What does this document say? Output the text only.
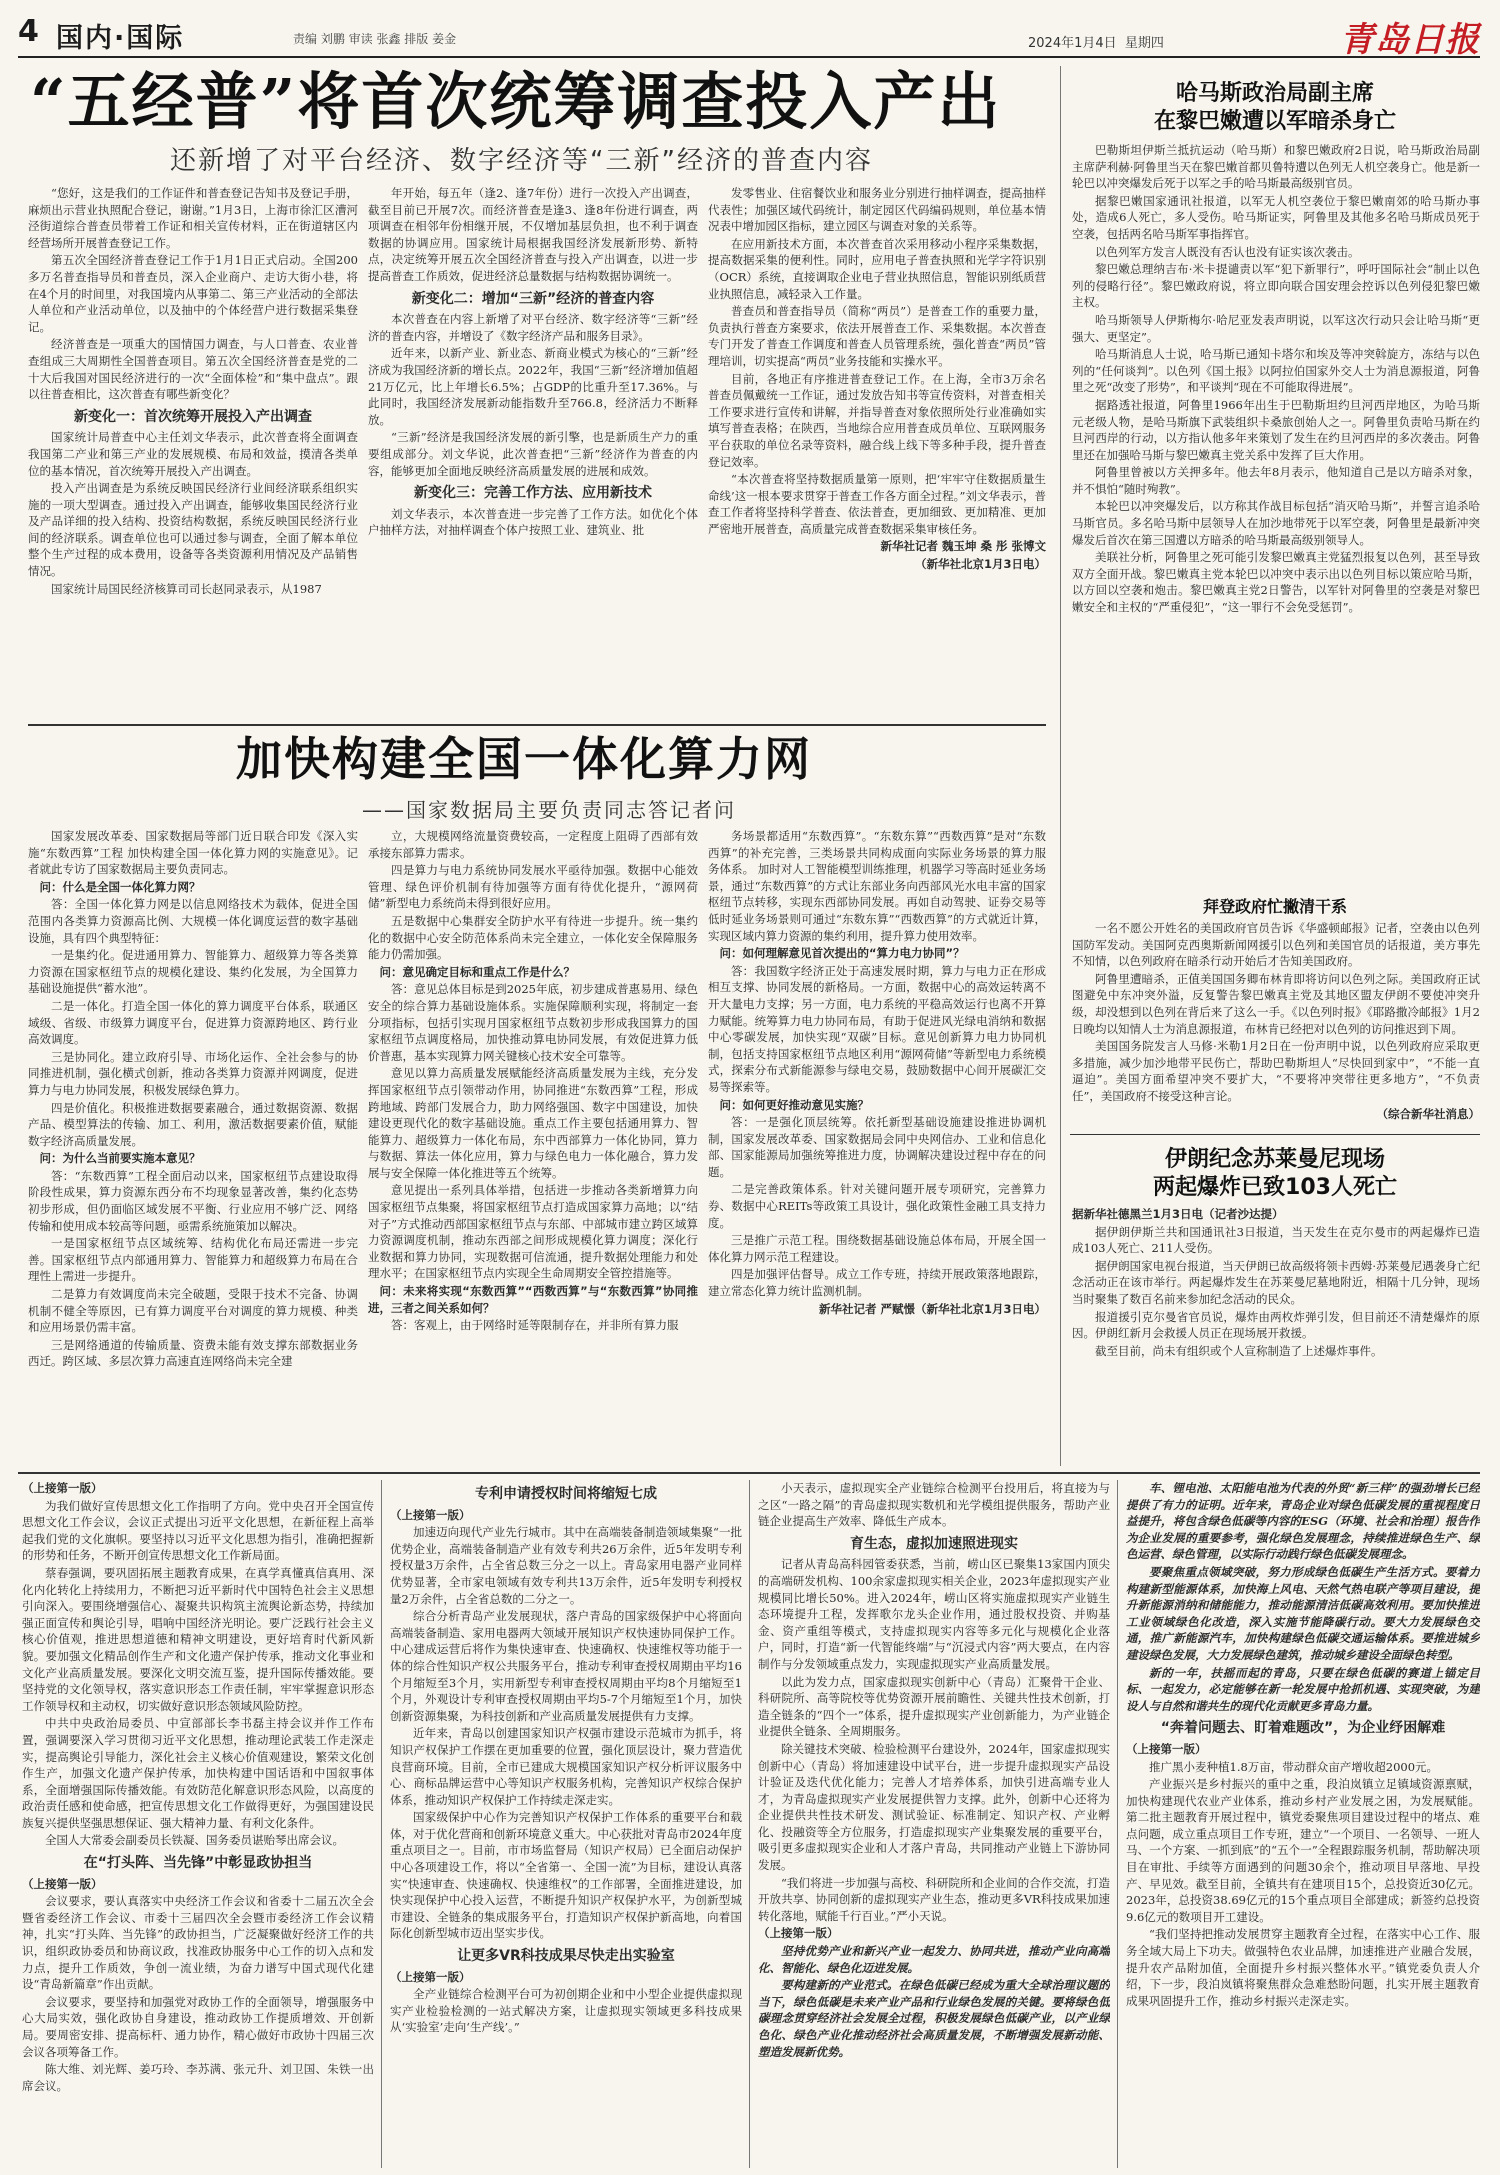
4 国内·国际	责编 刘鹏 审读 张鑫 排版 姜金	2024年1月4日 星期四	青岛日报
“五经普”将首次统筹调查投入产出
还新增了对平台经济、数字经济等“三新”经济的普查内容

“您好，这是我们的工作证件和普查登记告知书及登记手册，麻烦出示营业执照配合登记，谢谢。”1月3日，上海市徐汇区漕河泾街道综合普查员带着工作证和相关宣传材料，正在街道辖区内经营场所开展普查登记工作。

第五次全国经济普查登记工作于1月1日正式启动。全国200多万名普查指导员和普查员，深入企业商户、走访大街小巷，将在4个月的时间里，对我国境内从事第二、第三产业活动的全部法人单位和产业活动单位，以及抽中的个体经营户进行数据采集登记。

经济普查是一项重大的国情国力调查，与人口普查、农业普查组成三大周期性全国普查项目。第五次全国经济普查是党的二十大后我国对国民经济进行的一次“全面体检”和“集中盘点”。跟以往普查相比，这次普查有哪些新变化？

新变化一：首次统筹开展投入产出调查

国家统计局普查中心主任刘文华表示，此次普查将全面调查我国第二产业和第三产业的发展规模、布局和效益，摸清各类单位的基本情况，首次统筹开展投入产出调查。

投入产出调查是为系统反映国民经济行业间经济联系组织实施的一项大型调查。通过投入产出调查，能够收集国民经济行业及产品详细的投入结构、投资结构数据，系统反映国民经济行业间的经济联系。调查单位也可以通过参与调查，全面了解本单位整个生产过程的成本费用，设备等各类资源利用情况及产品销售情况。

国家统计局国民经济核算司司长赵同录表示，从1987

年开始，每五年（逢2、逢7年份）进行一次投入产出调查，截至目前已开展7次。而经济普查是逢3、逢8年份进行调查，两项调查在相邻年份相继开展，不仅增加基层负担，也不利于调查数据的协调应用。国家统计局根据我国经济发展新形势、新特点，决定统筹开展五次全国经济普查与投入产出调查，以进一步提高普查工作质效，促进经济总量数据与结构数据协调统一。

新变化二：增加“三新”经济的普查内容

本次普查在内容上新增了对平台经济、数字经济等“三新”经济的普查内容，并增设了《数字经济产品和服务目录》。

近年来，以新产业、新业态、新商业模式为核心的“三新”经济成为我国经济新的增长点。2022年，我国“三新”经济增加值超21万亿元，比上年增长6.5%；占GDP的比重升至17.36%。与此同时，我国经济发展新动能指数升至766.8，经济活力不断释放。

“三新”经济是我国经济发展的新引擎，也是新质生产力的重要组成部分。刘文华说，此次普查把“三新”经济作为普查的内容，能够更加全面地反映经济高质量发展的进展和成效。

新变化三：完善工作方法、应用新技术

刘文华表示，本次普查进一步完善了工作方法。如优化个体户抽样方法，对抽样调查个体户按照工业、建筑业、批

发零售业、住宿餐饮业和服务业分别进行抽样调查，提高抽样代表性；加强区域代码统计，制定园区代码编码规则，单位基本情况表中增加园区指标，建立园区与调查对象的关系等。

在应用新技术方面，本次普查首次采用移动小程序采集数据，提高数据采集的便利性。同时，应用电子普查执照和光学字符识别（OCR）系统，直接调取企业电子营业执照信息，智能识别纸质营业执照信息，减轻录入工作量。

普查员和普查指导员（简称“两员”）是普查工作的重要力量，负责执行普查方案要求，依法开展普查工作、采集数据。本次普查专门开发了普查工作调度和普查人员管理系统，强化普查“两员”管理培训，切实提高“两员”业务技能和实操水平。

目前，各地正有序推进普查登记工作。在上海，全市3万余名普查员佩戴统一工作证，通过发放告知书等宣传资料，对普查相关工作要求进行宣传和讲解，并指导普查对象依照所处行业准确如实填写普查表格；在陕西，当地综合应用普查成员单位、互联网服务平台获取的单位名录等资料，融合线上线下等多种手段，提升普查登记效率。

“本次普查将坚持数据质量第一原则，把‘牢牢守住数据质量生命线’这一根本要求贯穿于普查工作各方面全过程。”刘文华表示，普查工作者将坚持科学普查、依法普查，更加细致、更加精准、更加严密地开展普查，高质量完成普查数据采集审核任务。

新华社记者 魏玉坤 桑 彤 张博文

（新华社北京1月3日电）

加快构建全国一体化算力网
——国家数据局主要负责同志答记者问

国家发展改革委、国家数据局等部门近日联合印发《深入实施“东数西算”工程 加快构建全国一体化算力网的实施意见》。记者就此专访了国家数据局主要负责同志。

问：什么是全国一体化算力网？

答：全国一体化算力网是以信息网络技术为载体，促进全国范围内各类算力资源高比例、大规模一体化调度运营的数字基础设施，具有四个典型特征：

一是集约化。促进通用算力、智能算力、超级算力等各类算力资源在国家枢纽节点的规模化建设、集约化发展，为全国算力基础设施提供“蓄水池”。

二是一体化。打造全国一体化的算力调度平台体系，联通区域级、省级、市级算力调度平台，促进算力资源跨地区、跨行业高效调度。

三是协同化。建立政府引导、市场化运作、全社会参与的协同推进机制，强化横式创新，推动各类算力资源并网调度，促进算力与电力协同发展，积极发展绿色算力。

四是价值化。积极推进数据要素融合，通过数据资源、数据产品、模型算法的传输、加工、利用，激活数据要素价值，赋能数字经济高质量发展。

问：为什么当前要实施本意见？

答：“东数西算”工程全面启动以来，国家枢纽节点建设取得阶段性成果，算力资源东西分布不均现象显著改善，集约化态势初步形成，但仍面临区域发展不平衡、行业应用不够广泛、网络传输和使用成本较高等问题，亟需系统施策加以解决。

一是国家枢纽节点区域统筹、结构优化布局还需进一步完善。国家枢纽节点内部通用算力、智能算力和超级算力布局在合理性上需进一步提升。

二是算力有效调度尚未完全破题，受限于技术不完备、协调机制不健全等原因，已有算力调度平台对调度的算力规模、种类和应用场景仍需丰富。

三是网络通道的传输质量、资费未能有效支撑东部数据业务西迁。跨区域、多层次算力高速直连网络尚未完全建

立，大规模网络流量资费较高，一定程度上阻碍了西部有效承接东部算力需求。

四是算力与电力系统协同发展水平亟待加强。数据中心能效管理、绿色评价机制有待加强等方面有待优化提升，“源网荷储”新型电力系统尚未得到很好应用。

五是数据中心集群安全防护水平有待进一步提升。统一集约化的数据中心安全防范体系尚未完全建立，一体化安全保障服务能力仍需加强。

问：意见确定目标和重点工作是什么？

答：意见总体目标是到2025年底，初步建成普惠易用、绿色安全的综合算力基础设施体系。实施保障顺利实现，将制定一套分项指标，包括引实现月国家枢纽节点数初步形成我国算力的国家枢纽节点调度格局，加快推动算电协同发展，有效促进算力低价普惠，基本实现算力网关键核心技术安全可靠等。

意见以算力高质量发展赋能经济高质量发展为主线，充分发挥国家枢纽节点引领带动作用，协同推进“东数西算”工程，形成跨地域、跨部门发展合力，助力网络强国、数字中国建设，加快建设更现代化的数字基础设施。重点工作主要包括通用算力、智能算力、超级算力一体化布局，东中西部算力一体化协同，算力与数据、算法一体化应用，算力与绿色电力一体化融合，算力发展与安全保障一体化推进等五个统筹。

意见提出一系列具体举措，包括进一步推动各类新增算力向国家枢纽节点集聚，将国家枢纽节点打造成国家算力高地；以“结对子”方式推动西部国家枢纽节点与东部、中部城市建立跨区域算力资源调度机制，推动东西部之间形成规模化算力调度；深化行业数据和算力协同，实现数据可信流通，提升数据处理能力和处理水平；在国家枢纽节点内实现全生命周期安全管控措施等。

问：未来将实现“东数西算”“西数西算”与“东数西算”协同推进，三者之间关系如何？

答：客观上，由于网络时延等限制存在，并非所有算力服

务场景都适用“东数西算”。“东数东算”“西数西算”是对“东数西算”的补充完善，三类场景共同构成面向实际业务场景的算力服务体系。 加时对人工智能模型训练推理，机器学习等高时延业务场景，通过“东数西算”的方式让东部业务向西部风光水电丰富的国家枢纽节点转移，实现东西部协同发展。再如自动驾驶、证券交易等低时延业务场景则可通过“东数东算”“西数西算”的方式就近计算，实现区域内算力资源的集约利用，提升算力使用效率。

问：如何理解意见首次提出的“算力电力协同”？

答：我国数字经济正处于高速发展时期，算力与电力正在形成相互支撑、协同发展的新格局。一方面，数据中心的高效运转离不开大量电力支撑；另一方面，电力系统的平稳高效运行也离不开算力赋能。统筹算力电力协同布局，有助于促进风光绿电消纳和数据中心零碳发展，加快实现“双碳”目标。意见创新算力电力协同机制，包括支持国家枢纽节点地区利用“源网荷储”等新型电力系统模式，探索分布式新能源参与绿电交易，鼓励数据中心间开展碳汇交易等探索等。

问：如何更好推动意见实施？

答：一是强化顶层统筹。依托新型基础设施建设推进协调机制，国家发展改革委、国家数据局会同中央网信办、工业和信息化部、国家能源局加强统筹推进力度，协调解决建设过程中存在的问题。

二是完善政策体系。针对关键问题开展专项研究，完善算力券、数据中心REITs等政策工具设计，强化政策性金融工具支持力度。

三是推广示范工程。围绕数据基础设施总体布局，开展全国一体化算力网示范工程建设。

四是加强评估督导。成立工作专班，持续开展政策落地跟踪，建立常态化算力统计监测机制。

新华社记者 严赋憬（新华社北京1月3日电）

哈马斯政治局副主席
在黎巴嫩遭以军暗杀身亡

巴勒斯坦伊斯兰抵抗运动（哈马斯）和黎巴嫩政府2日说，哈马斯政治局副主席萨利赫·阿鲁里当天在黎巴嫩首都贝鲁特遭以色列无人机空袭身亡。他是新一轮巴以冲突爆发后死于以军之手的哈马斯最高级别官员。

据黎巴嫩国家通讯社报道，以军无人机空袭位于黎巴嫩南郊的哈马斯办事处，造成6人死亡，多人受伤。哈马斯证实，阿鲁里及其他多名哈马斯成员死于空袭，包括两名哈马斯军事指挥官。

以色列军方发言人既没有否认也没有证实该次袭击。

黎巴嫩总理纳吉布·米卡提谴责以军“犯下新罪行”，呼吁国际社会“制止以色列的侵略行径”。黎巴嫩政府说，将立即向联合国安理会控诉以色列侵犯黎巴嫩主权。

哈马斯领导人伊斯梅尔·哈尼亚发表声明说，以军这次行动只会让哈马斯“更强大、更坚定”。

哈马斯消息人士说，哈马斯已通知卡塔尔和埃及等冲突斡旋方，冻结与以色列的“任何谈判”。以色列《国土报》以阿拉伯国家外交人士为消息源报道，阿鲁里之死“改变了形势”，和平谈判“现在不可能取得进展”。

据路透社报道，阿鲁里1966年出生于巴勒斯坦约旦河西岸地区，为哈马斯元老级人物，是哈马斯旗下武装组织卡桑旅创始人之一。阿鲁里负责哈马斯在约旦河西岸的行动，以方指认他多年来策划了发生在约旦河西岸的多次袭击。阿鲁里还在加强哈马斯与黎巴嫩真主党关系中发挥了巨大作用。

阿鲁里曾被以方关押多年。他去年8月表示，他知道自己是以方暗杀对象，并不惧怕“随时殉教”。

本轮巴以冲突爆发后，以方称其作战目标包括“消灭哈马斯”，并誓言追杀哈马斯官员。多名哈马斯中层领导人在加沙地带死于以军空袭，阿鲁里是最新冲突爆发后首次在第三国遭以方暗杀的哈马斯最高级别领导人。

美联社分析，阿鲁里之死可能引发黎巴嫩真主党猛烈报复以色列，甚至导致双方全面开战。黎巴嫩真主党本轮巴以冲突中表示出以色列目标以策应哈马斯，以方回以空袭和炮击。黎巴嫩真主党2日警告，以军针对阿鲁里的空袭是对黎巴嫩安全和主权的“严重侵犯”，“这一罪行不会免受惩罚”。

拜登政府忙撇清干系

一名不愿公开姓名的美国政府官员告诉《华盛顿邮报》记者，空袭由以色列国防军发动。美国阿克西奥斯新闻网援引以色列和美国官员的话报道，美方事先不知情，以色列政府在暗杀行动开始后才告知美国政府。

阿鲁里遭暗杀，正值美国国务卿布林肯即将访问以色列之际。美国政府正试图避免中东冲突外溢，反复警告黎巴嫩真主党及其地区盟友伊朗不要使冲突升级，却没想到以色列在背后来了这么一手。《以色列时报》《耶路撒冷邮报》1月2日晚均以知情人士为消息源报道，布林肯已经把对以色列的访问推迟到下周。

美国国务院发言人马修·米勒1月2日在一份声明中说，以色列政府应采取更多措施，减少加沙地带平民伤亡，帮助巴勒斯坦人“尽快回到家中”，“不能一直逼迫”。美国方面希望冲突不要扩大，“不要将冲突带往更多地方”，“不负责任”，美国政府不接受这种言论。

（综合新华社消息）

伊朗纪念苏莱曼尼现场
两起爆炸已致103人死亡

据新华社德黑兰1月3日电（记者沙达提）

据伊朗伊斯兰共和国通讯社3日报道，当天发生在克尔曼市的两起爆炸已造成103人死亡、211人受伤。

据伊朗国家电视台报道，当天伊朗已故高级将领卡西姆·苏莱曼尼遇袭身亡纪念活动正在该市举行。两起爆炸发生在苏莱曼尼墓地附近，相隔十几分钟，现场当时聚集了数百名前来参加纪念活动的民众。

报道援引克尔曼省官员说，爆炸由两枚炸弹引发，但目前还不清楚爆炸的原因。伊朗红新月会救援人员正在现场展开救援。

截至目前，尚未有组织或个人宣称制造了上述爆炸事件。

（上接第一版）

为我们做好宣传思想文化工作指明了方向。党中央召开全国宣传思想文化工作会议，会议正式提出习近平文化思想，在新征程上高举起我们党的文化旗帜。要坚持以习近平文化思想为指引，准确把握新的形势和任务，不断开创宣传思想文化工作新局面。

蔡春强调，要巩固拓展主题教育成果，在真学真懂真信真用、深化内化转化上持续用力，不断把习近平新时代中国特色社会主义思想引向深入。要围绕增强信心、凝聚共识构筑主流舆论新态势，持续加强正面宣传和舆论引导，唱响中国经济光明论。要广泛践行社会主义核心价值观，推进思想道德和精神文明建设，更好培育时代新风新貌。要加强文化精品创作生产和文化遗产保护传承，推动文化事业和文化产业高质量发展。要深化文明交流互鉴，提升国际传播效能。要坚持党的文化领导权，落实意识形态工作责任制，牢牢掌握意识形态工作领导权和主动权，切实做好意识形态领域风险防控。

中共中央政治局委员、中宣部部长李书磊主持会议并作工作布置，强调要深入学习贯彻习近平文化思想，推动理论武装工作走深走实，提高舆论引导能力，深化社会主义核心价值观建设，繁荣文化创作生产，加强文化遗产保护传承，加快构建中国话语和中国叙事体系，全面增强国际传播效能。有效防范化解意识形态风险，以高度的政治责任感和使命感，把宣传思想文化工作做得更好，为强国建设民族复兴提供坚强思想保证、强大精神力量、有利文化条件。

全国人大常委会副委员长铁凝、国务委员谌贻琴出席会议。

在“打头阵、当先锋”中彰显政协担当

（上接第一版）

会议要求，要认真落实中央经济工作会议和省委十二届五次全会暨省委经济工作会议、市委十三届四次全会暨市委经济工作会议精神，扎实“打头阵、当先锋”的政协担当，广泛凝聚做好经济工作的共识，组织政协委员和协商议政，找准政协服务中心工作的切入点和发力点，提升工作质效，争创一流业绩，为奋力谱写中国式现代化建设“青岛新篇章”作出贡献。

会议要求，要坚持和加强党对政协工作的全面领导，增强服务中心大局实效，强化政协自身建设，推动政协工作提质增效、开创新局。要周密安排、提高标杆、通力协作，精心做好市政协十四届三次会议各项筹备工作。

陈大维、刘光辉、姜巧玲、李苏满、张元升、刘卫国、朱铁一出席会议。

专利申请授权时间将缩短七成

（上接第一版）

加速迈向现代产业先行城市。其中在高端装备制造领域集聚“一批优势企业，高端装备制造产业有效专利共26万余件，近5年发明专利授权量3万余件，占全省总数三分之一以上。青岛家用电器产业同样优势显著，全市家电领域有效专利共13万余件，近5年发明专利授权量2万余件，占全省总数的二分之一。

综合分析青岛产业发展现状，落户青岛的国家级保护中心将面向高端装备制造、家用电器两大领域开展知识产权快速协同保护工作。中心建成运营后将作为集快速审查、快速确权、快速维权等功能于一体的综合性知识产权公共服务平台，推动专利审查授权周期由平均16个月缩短至3个月，实用新型专利审查授权周期由平均8个月缩短至1个月，外观设计专利审查授权周期由平均5-7个月缩短至1个月，加快创新资源集聚，为科技创新和产业高质量发展提供有力支撑。

近年来，青岛以创建国家知识产权强市建设示范城市为抓手，将知识产权保护工作摆在更加重要的位置，强化顶层设计，聚力营造优良营商环境。目前，全市已建成大规模国家知识产权分析评议服务中心、商标品牌运营中心等知识产权服务机构，完善知识产权综合保护体系，推动知识产权保护工作持续走深走实。

国家级保护中心作为完善知识产权保护工作体系的重要平台和载体，对于优化营商和创新环境意义重大。中心获批对青岛市2024年度重点项目之一。目前，市市场监督局（知识产权局）已全面启动保护中心各项建设工作，将以“全省第一、全国一流”为目标，建设认真落实“快速审查、快速确权、快速维权”的工作部署，全面推进建设，加快实现保护中心投入运营，不断提升知识产权保护水平，为创新型城市建设、全链条的集成服务平台，打造知识产权保护新高地，向着国际化创新型城市迈出坚实步伐。

让更多VR科技成果尽快走出实验室

（上接第一版）

全产业链综合检测平台可为初创期企业和中小型企业提供虚拟现实产业检验检测的一站式解决方案，让虚拟现实领域更多科技成果从‘实验室’走向‘生产线’。”

小天表示，虚拟现实全产业链综合检测平台投用后，将直接为与之区“一路之隔”的青岛虚拟现实数机和光学模组提供服务，帮助产业链企业提高生产效率、降低生产成本。

育生态，虚拟加速照进现实

记者从青岛高科园管委获悉，当前，崂山区已聚集13家国内顶尖的高端研发机构、100余家虚拟现实相关企业，2023年虚拟现实产业规模同比增长50%。进入2024年，崂山区将实施虚拟现实产业链生态环境提升工程，发挥歌尔龙头企业作用，通过股权投资、并购基金、资产重组等模式，支持虚拟现实内容等多元化与规模化企业落户，同时，打造“新一代智能终端”与“沉浸式内容”两大要点，在内容制作与分发领域重点发力，实现虚拟现实产业高质量发展。

以此为发力点，国家虚拟现实创新中心（青岛）汇聚骨干企业、科研院所、高等院校等优势资源开展前瞻性、关键共性技术创新，打造全链条的“四个一”体系，提升虚拟现实产业创新能力，为产业链企业提供全链条、全周期服务。

除关键技术突破、检验检测平台建设外，2024年，国家虚拟现实创新中心（青岛）将加速建设中试平台，进一步提升虚拟现实产品设计验证及迭代优化能力；完善人才培养体系，加快引进高端专业人才，为青岛虚拟现实产业发展提供智力支撑。此外，创新中心还将为企业提供共性技术研发、测试验证、标准制定、知识产权、产业孵化、投融资等全方位服务，打造虚拟现实产业集聚发展的重要平台，吸引更多虚拟现实企业和人才落户青岛，共同推动产业链上下游协同发展。

“我们将进一步加强与高校、科研院所和企业间的合作交流，打造开放共享、协同创新的虚拟现实产业生态，推动更多VR科技成果加速转化落地，赋能千行百业。”严小天说。

（上接第一版）

坚持优势产业和新兴产业一起发力、协同共进，推动产业向高端化、智能化、绿色化迈进发展。

要构建新的产业范式。在绿色低碳已经成为重大全球治理议题的当下，绿色低碳是未来产业产品和行业绿色发展的关键。要将绿色低碳理念贯穿经济社会发展全过程，积极发展绿色低碳产业，以产业绿色化、绿色产业化推动经济社会高质量发展，不断增强发展新动能、塑造发展新优势。

车、锂电池、太阳能电池为代表的外贸“新三样”的强劲增长已经提供了有力的证明。近年来，青岛企业对绿色低碳发展的重视程度日益提升，将包含绿色低碳等内容的ESG（环境、社会和治理）报告作为企业发展的重要参考，强化绿色发展理念，持续推进绿色生产、绿色运营、绿色管理，以实际行动践行绿色低碳发展理念。

要聚焦重点领域突破，努力形成绿色低碳生产生活方式。要着力构建新型能源体系，加快海上风电、天然气热电联产等项目建设，提升新能源消纳和储能能力，推动能源清洁低碳高效利用。要加快推进工业领域绿色化改造，深入实施节能降碳行动。要大力发展绿色交通，推广新能源汽车，加快构建绿色低碳交通运输体系。要推进城乡建设绿色发展，大力发展绿色建筑，推动城乡建设全面绿色转型。

新的一年，扶摇而起的青岛，只要在绿色低碳的赛道上锚定目标、一起发力，必定能够在新一轮发展中抢抓机遇、实现突破，为建设人与自然和谐共生的现代化贡献更多青岛力量。

“奔着问题去、盯着难题改”，为企业纾困解难

（上接第一版）

推广黑小麦种植1.8万亩，带动群众亩产增收超2000元。

产业振兴是乡村振兴的重中之重，段泊岚镇立足镇域资源禀赋，加快构建现代农业产业体系，推动乡村产业发展之困，为发展赋能。第二批主题教育开展过程中，镇党委聚焦项目建设过程中的堵点、难点问题，成立重点项目工作专班，建立“一个项目、一名领导、一班人马、一个方案、一抓到底”的“五个一”全程跟踪服务机制，帮助解决项目在审批、手续等方面遇到的问题30余个，推动项目早落地、早投产、早见效。截至目前，全镇共有在建项目15个，总投资近30亿元。2023年，总投资38.69亿元的15个重点项目全部建成；新签约总投资9.6亿元的数项目开工建设。

“我们坚持把推动发展贯穿主题教育全过程，在落实中心工作、服务全域大局上下功夫。做强特色农业品牌，加速推进产业融合发展，提升农产品附加值，全面提升乡村振兴整体水平。”镇党委负责人介绍，下一步，段泊岚镇将聚焦群众急难愁盼问题，扎实开展主题教育成果巩固提升工作，推动乡村振兴走深走实。
